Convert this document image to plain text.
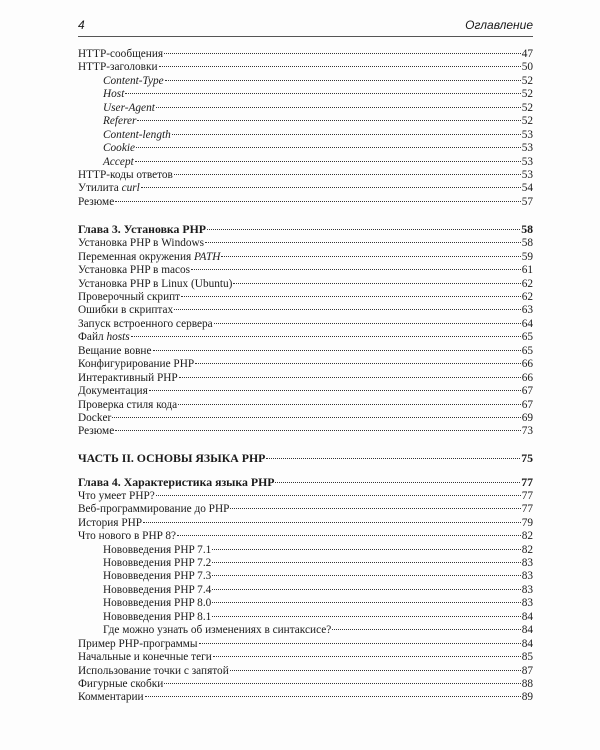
4	Оглавление
HTTP-сообщения	47
HTTP-заголовки	50
Content-Type	52
Host	52
User-Agent	52
Referer	52
Content-length	53
Cookie	53
Accept	53
HTTP-коды ответов	53
Утилита curl	54
Резюме	57
Глава 3. Установка PHP	58
Установка PHP в Windows	58
Переменная окружения PATH	59
Установка PHP в macos	61
Установка PHP в Linux (Ubuntu)	62
Проверочный скрипт	62
Ошибки в скриптах	63
Запуск встроенного сервера	64
Файл hosts	65
Вещание вовне	65
Конфигурирование PHP	66
Интерактивный PHP	66
Документация	67
Проверка стиля кода	67
Docker	69
Резюме	73
ЧАСТЬ II. ОСНОВЫ ЯЗЫКА PHP	75
Глава 4. Характеристика языка PHP	77
Что умеет PHP?	77
Веб-программирование до PHP	77
История PHP	79
Что нового в PHP 8?	82
Нововведения PHP 7.1	82
Нововведения PHP 7.2	83
Нововведения PHP 7.3	83
Нововведения PHP 7.4	83
Нововведения PHP 8.0	83
Нововведения PHP 8.1	84
Где можно узнать об изменениях в синтаксисе?	84
Пример PHP-программы	84
Начальные и конечные теги	85
Использование точки с запятой	87
Фигурные скобки	88
Комментарии	89
